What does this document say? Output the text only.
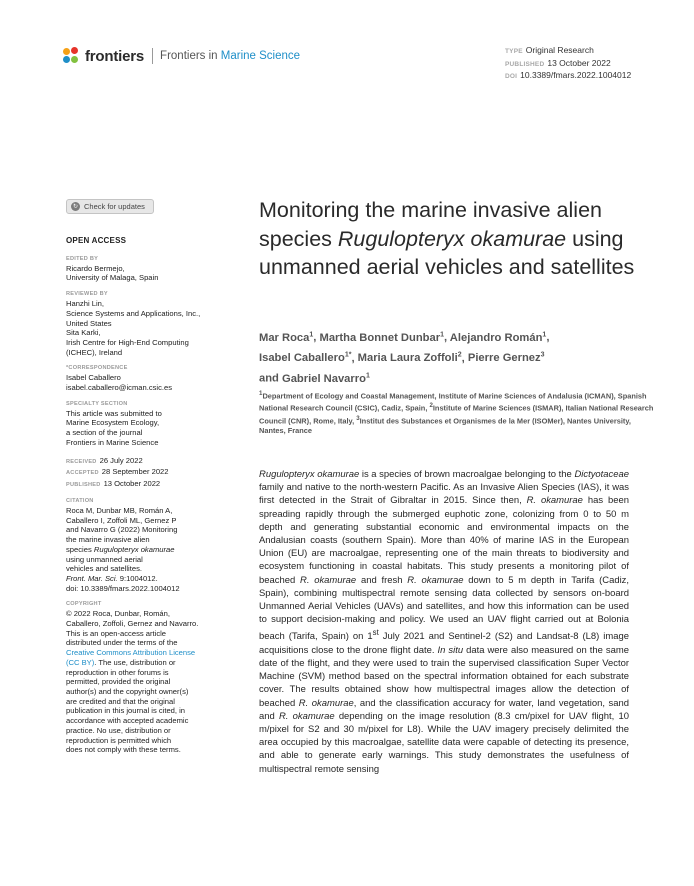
frontiers Frontiers in Marine Science	TYPE Original Research
PUBLISHED 13 October 2022
DOI 10.3389/fmars.2022.1004012
↻ Check for updates
OPEN ACCESS
EDITED BY
Ricardo Bermejo,
University of Malaga, Spain
REVIEWED BY
Hanzhi Lin,
Science Systems and Applications, Inc.,
United States
Sita Karki,
Irish Centre for High-End Computing
(ICHEC), Ireland
*CORRESPONDENCE
Isabel Caballero
isabel.caballero@icman.csic.es
SPECIALTY SECTION
This article was submitted to
Marine Ecosystem Ecology,
a section of the journal
Frontiers in Marine Science
RECEIVED 26 July 2022
ACCEPTED 28 September 2022
PUBLISHED 13 October 2022
CITATION
Roca M, Dunbar MB, Román A,
Caballero I, Zoffoli ML, Gernez P
and Navarro G (2022) Monitoring
the marine invasive alien
species Rugulopteryx okamurae
using unmanned aerial
vehicles and satellites.
Front. Mar. Sci. 9:1004012.
doi: 10.3389/fmars.2022.1004012
COPYRIGHT
© 2022 Roca, Dunbar, Román,
Caballero, Zoffoli, Gernez and Navarro.
This is an open-access article
distributed under the terms of the
Creative Commons Attribution License
(CC BY). The use, distribution or
reproduction in other forums is
permitted, provided the original
author(s) and the copyright owner(s)
are credited and that the original
publication in this journal is cited, in
accordance with accepted academic
practice. No use, distribution or
reproduction is permitted which
does not comply with these terms.
Monitoring the marine invasive alien species Rugulopteryx okamurae using unmanned aerial vehicles and satellites
Mar Roca$^1$, Martha Bonnet Dunbar$^1$, Alejandro Román$^1$,
Isabel Caballero$^{1*}$, Maria Laura Zoffoli$^2$, Pierre Gernez$^3$
and Gabriel Navarro$^1$
$^1$Department of Ecology and Coastal Management, Institute of Marine Sciences of Andalusia (ICMAN), Spanish National Research Council (CSIC), Cadiz, Spain, $^2$Institute of Marine Sciences (ISMAR), Italian National Research Council (CNR), Rome, Italy, $^3$Institut des Substances et Organismes de la Mer (ISOMer), Nantes University, Nantes, France

Rugulopteryx okamurae is a species of brown macroalgae belonging to the Dictyotaceae family and native to the north-western Pacific. As an Invasive Alien Species (IAS), it was first detected in the Strait of Gibraltar in 2015. Since then, R. okamurae has been spreading rapidly through the submerged euphotic zone, colonizing from 0 to 50 m depth and generating substantial economic and environmental impacts on the Andalusian coasts (southern Spain). More than 40% of marine IAS in the European Union (EU) are macroalgae, representing one of the main threats to biodiversity and ecosystem functioning in coastal habitats. This study presents a monitoring pilot of beached R. okamurae and fresh R. okamurae down to 5 m depth in Tarifa (Cadiz, Spain), combining multispectral remote sensing data collected by sensors on-board Unmanned Aerial Vehicles (UAVs) and satellites, and how this information can be used to support decision-making and policy. We used an UAV flight carried out at Bolonia beach (Tarifa, Spain) on 1st July 2021 and Sentinel-2 (S2) and Landsat-8 (L8) image acquisitions close to the drone flight date. In situ data were also measured on the same date of the flight, and they were used to train the supervised classification Super Vector Machine (SVM) method based on the spectral information obtained for each substrate cover. The results obtained show how multispectral images allow the detection of beached R. okamurae, and the classification accuracy for water, land vegetation, sand and R. okamurae depending on the image resolution (8.3 cm/pixel for UAV flight, 10 m/pixel for S2 and 30 m/pixel for L8). While the UAV imagery precisely delimited the area occupied by this macroalgae, satellite data were capable of detecting its presence, and able to generate early warnings. This study demonstrates the usefulness of multispectral remote sensing
